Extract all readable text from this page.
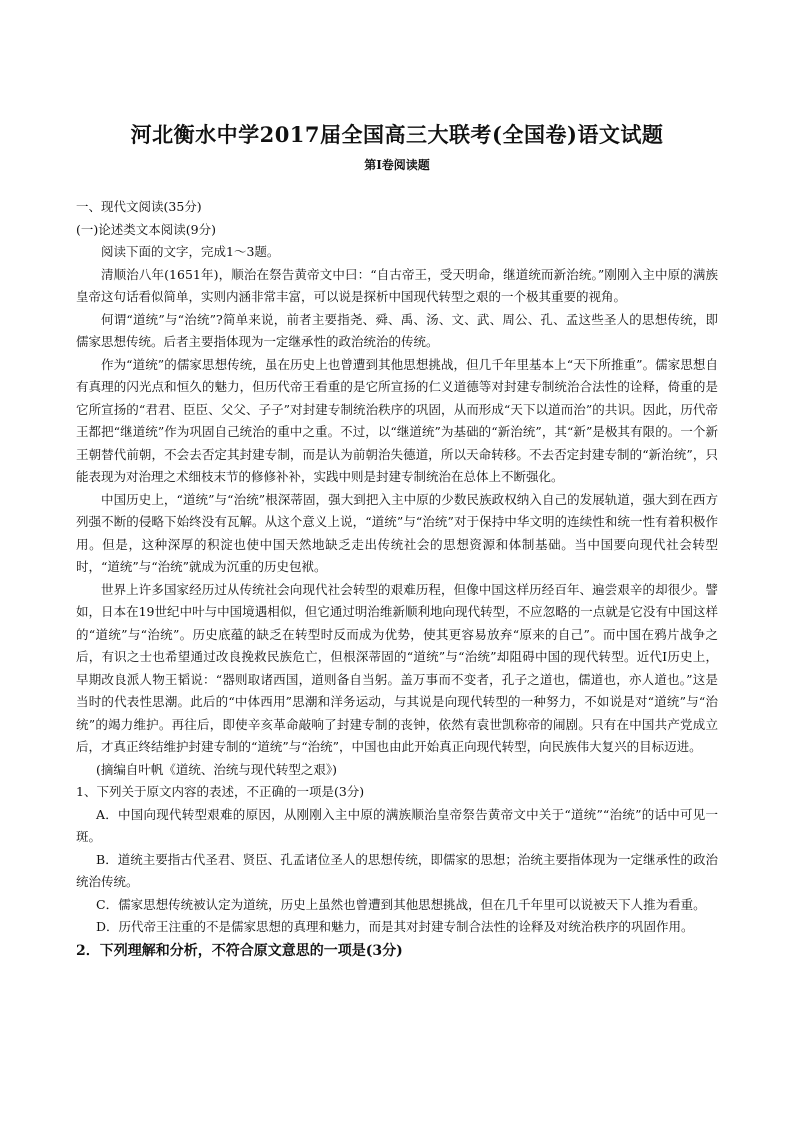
河北衡水中学2017届全国高三大联考(全国卷)语文试题
第Ⅰ卷阅读题

一、现代文阅读(35分)

(一)论述类文本阅读(9分)

阅读下面的文字，完成1～3题。

清顺治八年(1651年)，顺治在祭告黄帝文中曰：“自古帝王，受天明命，继道统而新治统。”刚刚入主中原的满族皇帝这句话看似简单，实则内涵非常丰富，可以说是探析中国现代转型之艰的一个极其重要的视角。

何谓“道统”与“治统”?简单来说，前者主要指尧、舜、禹、汤、文、武、周公、孔、孟这些圣人的思想传统，即儒家思想传统。后者主要指体现为一定继承性的政治统治的传统。

作为“道统”的儒家思想传统，虽在历史上也曾遭到其他思想挑战，但几千年里基本上“天下所推重”。儒家思想自有真理的闪光点和恒久的魅力，但历代帝王看重的是它所宣扬的仁义道德等对封建专制统治合法性的诠释，倚重的是它所宣扬的“君君、臣臣、父父、子子”对封建专制统治秩序的巩固，从而形成“天下以道而治”的共识。因此，历代帝王都把“继道统”作为巩固自己统治的重中之重。不过，以“继道统”为基础的“新治统”，其“新”是极其有限的。一个新王朝替代前朝，不会去否定其封建专制，而是认为前朝治失德道，所以天命转移。不去否定封建专制的“新治统”，只能表现为对治理之术细枝末节的修修补补，实践中则是封建专制统治在总体上不断强化。

中国历史上，“道统”与“治统”根深蒂固，强大到把入主中原的少数民族政权纳入自己的发展轨道，强大到在西方列强不断的侵略下始终没有瓦解。从这个意义上说，“道统”与“治统”对于保持中华文明的连续性和统一性有着积极作用。但是，这种深厚的积淀也使中国天然地缺乏走出传统社会的思想资源和体制基础。当中国要向现代社会转型时，“道统”与“治统”就成为沉重的历史包袱。

世界上许多国家经历过从传统社会向现代社会转型的艰难历程，但像中国这样历经百年、遍尝艰辛的却很少。譬如，日本在19世纪中叶与中国境遇相似，但它通过明治维新顺利地向现代转型，不应忽略的一点就是它没有中国这样的“道统”与“治统”。历史底蕴的缺乏在转型时反而成为优势，使其更容易放弃“原来的自己”。而中国在鸦片战争之后，有识之士也希望通过改良挽救民族危亡，但根深蒂固的“道统”与“治统”却阻碍中国的现代转型。近代Ⅰ历史上，早期改良派人物王韬说：“器则取诸西国，道则备自当躬。盖万事而不变者，孔子之道也，儒道也，亦人道也。”这是当时的代表性思潮。此后的“中体西用”思潮和洋务运动，与其说是向现代转型的一种努力，不如说是对“道统”与“治统”的竭力维护。再往后，即使辛亥革命敲响了封建专制的丧钟，依然有袁世凯称帝的闹剧。只有在中国共产党成立后，才真正终结维护封建专制的“道统”与“治统”，中国也由此开始真正向现代转型，向民族伟大复兴的目标迈进。

(摘编自叶帆《道统、治统与现代转型之艰》)

1、下列关于原文内容的表述，不正确的一项是(3分)

A．中国向现代转型艰难的原因，从刚刚入主中原的满族顺治皇帝祭告黄帝文中关于“道统”“治统”的话中可见一斑。

B．道统主要指古代圣君、贤臣、孔孟诸位圣人的思想传统，即儒家的思想；治统主要指体现为一定继承性的政治统治传统。

C．儒家思想传统被认定为道统，历史上虽然也曾遭到其他思想挑战，但在几千年里可以说被天下人推为看重。

D．历代帝王注重的不是儒家思想的真理和魅力，而是其对封建专制合法性的诠释及对统治秩序的巩固作用。

2．下列理解和分析，不符合原文意思的一项是(3分)
